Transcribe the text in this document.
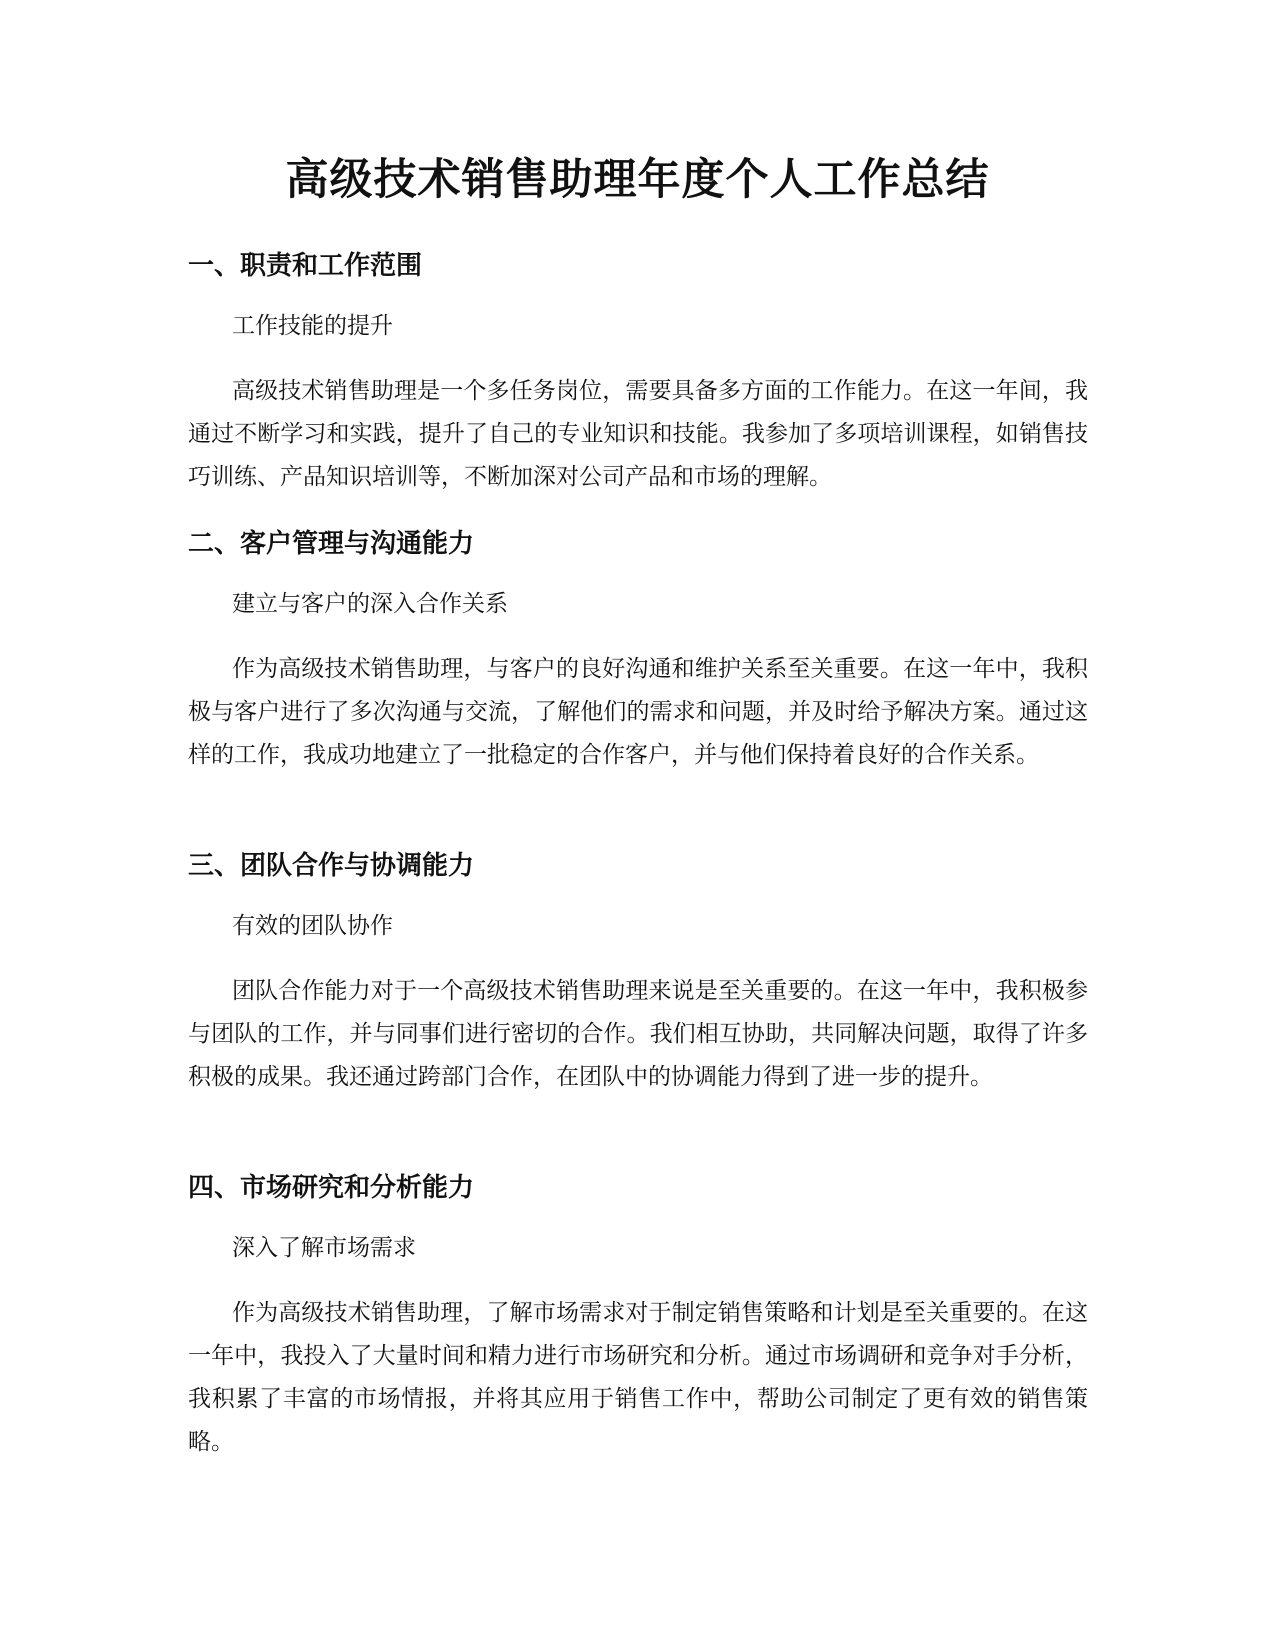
高级技术销售助理年度个人工作总结
一、职责和工作范围
工作技能的提升

高级技术销售助理是一个多任务岗位，需要具备多方面的工作能力。在这一年间，我通过不断学习和实践，提升了自己的专业知识和技能。我参加了多项培训课程，如销售技巧训练、产品知识培训等，不断加深对公司产品和市场的理解。

二、客户管理与沟通能力
建立与客户的深入合作关系

作为高级技术销售助理，与客户的良好沟通和维护关系至关重要。在这一年中，我积极与客户进行了多次沟通与交流，了解他们的需求和问题，并及时给予解决方案。通过这样的工作，我成功地建立了一批稳定的合作客户，并与他们保持着良好的合作关系。

三、团队合作与协调能力
有效的团队协作

团队合作能力对于一个高级技术销售助理来说是至关重要的。在这一年中，我积极参与团队的工作，并与同事们进行密切的合作。我们相互协助，共同解决问题，取得了许多积极的成果。我还通过跨部门合作，在团队中的协调能力得到了进一步的提升。

四、市场研究和分析能力
深入了解市场需求

作为高级技术销售助理，了解市场需求对于制定销售策略和计划是至关重要的。在这一年中，我投入了大量时间和精力进行市场研究和分析。通过市场调研和竞争对手分析，我积累了丰富的市场情报，并将其应用于销售工作中，帮助公司制定了更有效的销售策略。
